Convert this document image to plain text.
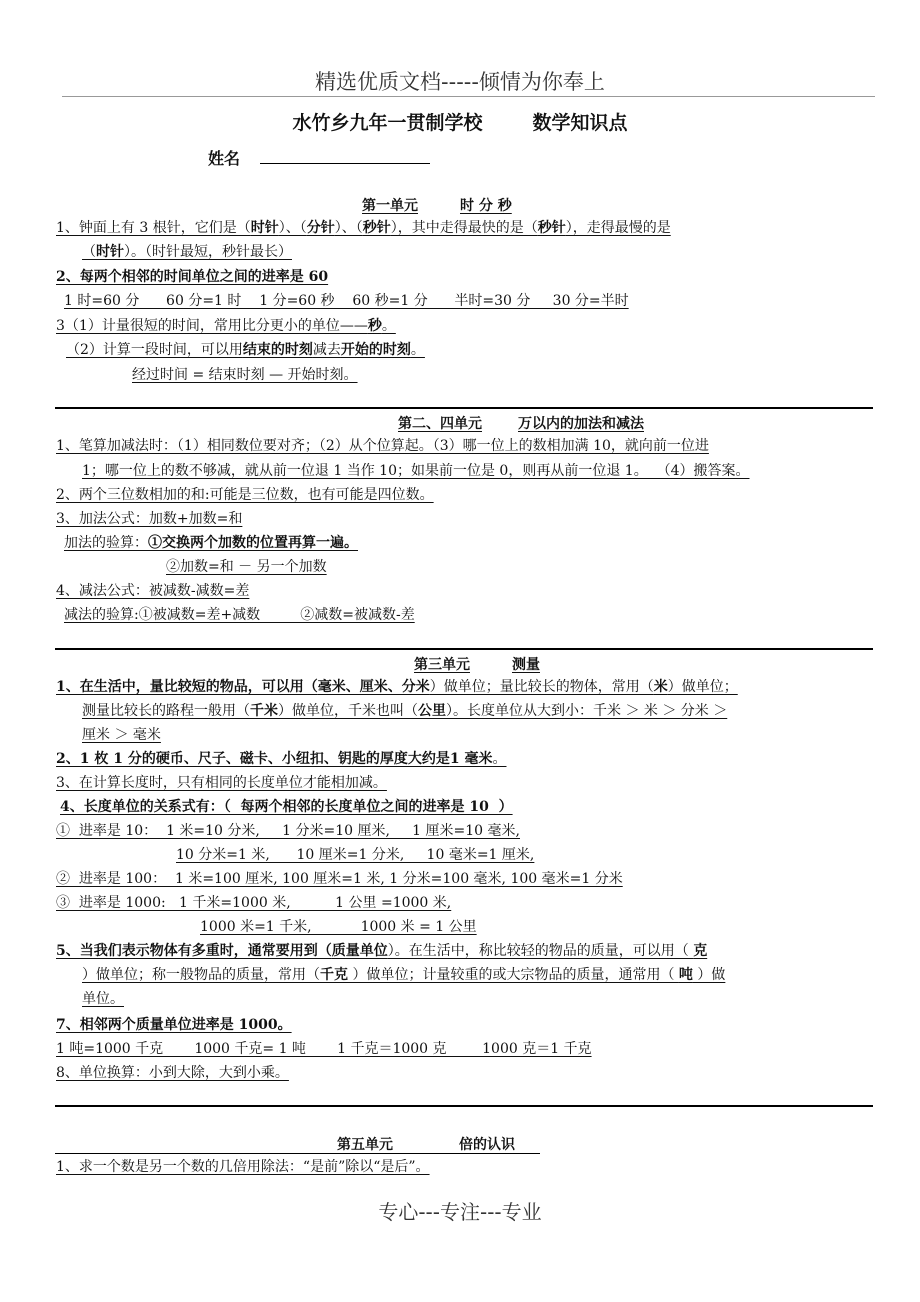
精选优质文档-----倾情为你奉上
水竹乡九年一贯制学校	数学知识点
姓名
第一单元	时 分 秒
1、钟面上有 3 根针，它们是（时针）、（分针）、（秒针），其中走得最快的是（秒针），走得最慢的是
（时针）。（时针最短，秒针最长）
2、每两个相邻的时间单位之间的进率是 60
1 时=60 分      60 分=1 时    1 分=60 秒    60 秒=1 分      半时=30 分     30 分=半时
3（1）计量很短的时间，常用比分更小的单位——秒。
（2）计算一段时间，可以用结束的时刻减去开始的时刻。
经过时间 = 结束时刻 — 开始时刻。
第二、四单元	万以内的加法和减法
1、笔算加减法时：（1）相同数位要对齐；（2）从个位算起。（3）哪一位上的数相加满 10，就向前一位进
1；哪一位上的数不够减，就从前一位退 1 当作 10；如果前一位是 0，则再从前一位退 1。  （4）搬答案。
2、两个三位数相加的和:可能是三位数，也有可能是四位数。
3、加法公式：加数+加数=和
加法的验算：①交换两个加数的位置再算一遍。
②加数=和 － 另一个加数
4、减法公式：被减数-减数=差
减法的验算:①被减数=差+减数         ②减数=被减数-差
第三单元	测量
1、在生活中，量比较短的物品，可以用（毫米、厘米、分米）做单位；量比较长的物体，常用（米）做单位；
测量比较长的路程一般用（千米）做单位，千米也叫（公里）。长度单位从大到小：千米 ＞ 米 ＞ 分米 ＞
厘米 ＞ 毫米
2、1 枚 1 分的硬币、尺子、磁卡、小纽扣、钥匙的厚度大约是1 毫米。
3、在计算长度时，只有相同的长度单位才能相加减。
4、长度单位的关系式有：（  每两个相邻的长度单位之间的进率是 10  ）
①  进率是 10：  1 米=10 分米,     1 分米=10 厘米,     1 厘米=10 毫米,
10 分米=1 米,      10 厘米=1 分米,     10 毫米=1 厘米,
②  进率是 100：  1 米=100 厘米, 100 厘米=1 米, 1 分米=100 毫米, 100 毫米=1 分米
③  进率是 1000:   1 千米=1000 米,          1 公里 =1000 米,
1000 米=1 千米,           1000 米 = 1 公里
5、当我们表示物体有多重时，通常要用到（质量单位）。在生活中，称比较轻的物品的质量，可以用（ 克
）做单位；称一般物品的质量，常用（千克 ）做单位；计量较重的或大宗物品的质量，通常用（ 吨 ）做
单位。
7、相邻两个质量单位进率是 1000。
1 吨=1000 千克       1000 千克= 1 吨       1 千克＝1000 克        1000 克＝1 千克
8、单位换算：小到大除，大到小乘。
第五单元	倍的认识
1、求一个数是另一个数的几倍用除法：“是前”除以“是后”。
专心---专注---专业
